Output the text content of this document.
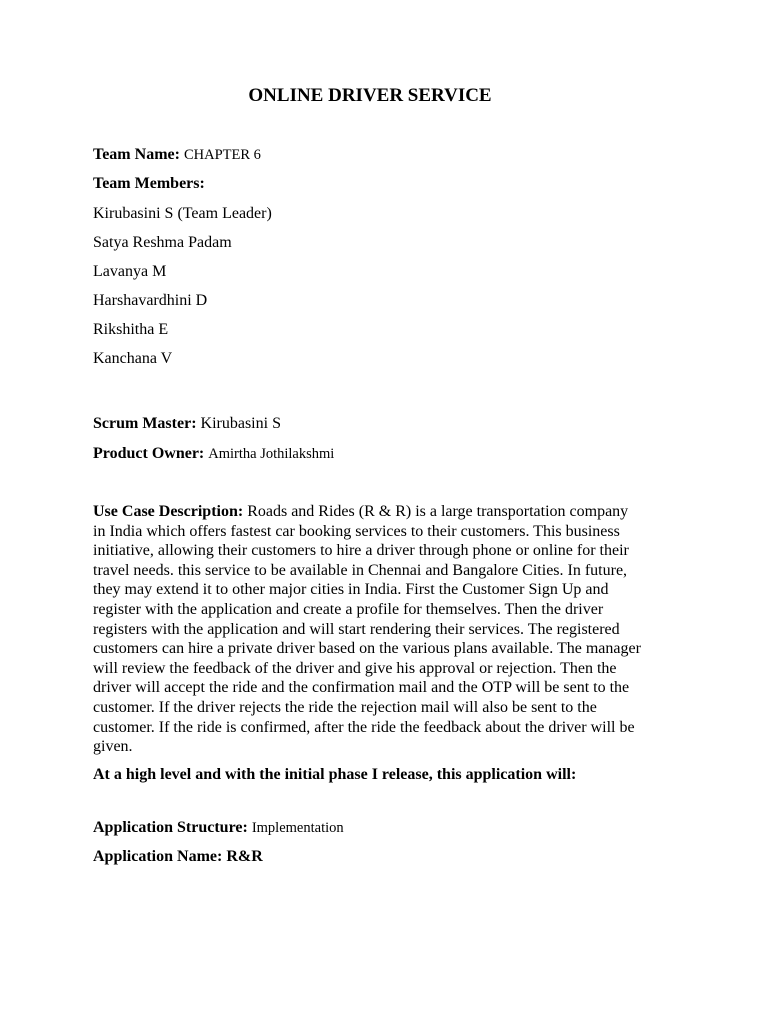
ONLINE DRIVER SERVICE
Team Name: CHAPTER 6
Team Members:
Kirubasini S (Team Leader)
Satya Reshma Padam
Lavanya M
Harshavardhini D
Rikshitha E
Kanchana V
Scrum Master: Kirubasini S
Product Owner: Amirtha Jothilakshmi
Use Case Description: Roads and Rides (R & R) is a large transportation company
in India which offers fastest car booking services to their customers. This business
initiative, allowing their customers to hire a driver through phone or online for their
travel needs. this service to be available in Chennai and Bangalore Cities. In future,
they may extend it to other major cities in India. First the Customer Sign Up and
register with the application and create a profile for themselves. Then the driver
registers with the application and will start rendering their services. The registered
customers can hire a private driver based on the various plans available. The manager
will review the feedback of the driver and give his approval or rejection. Then the
driver will accept the ride and the confirmation mail and the OTP will be sent to the
customer. If the driver rejects the ride the rejection mail will also be sent to the
customer. If the ride is confirmed, after the ride the feedback about the driver will be
given.
At a high level and with the initial phase I release, this application will:
Application Structure: Implementation
Application Name: R&R
